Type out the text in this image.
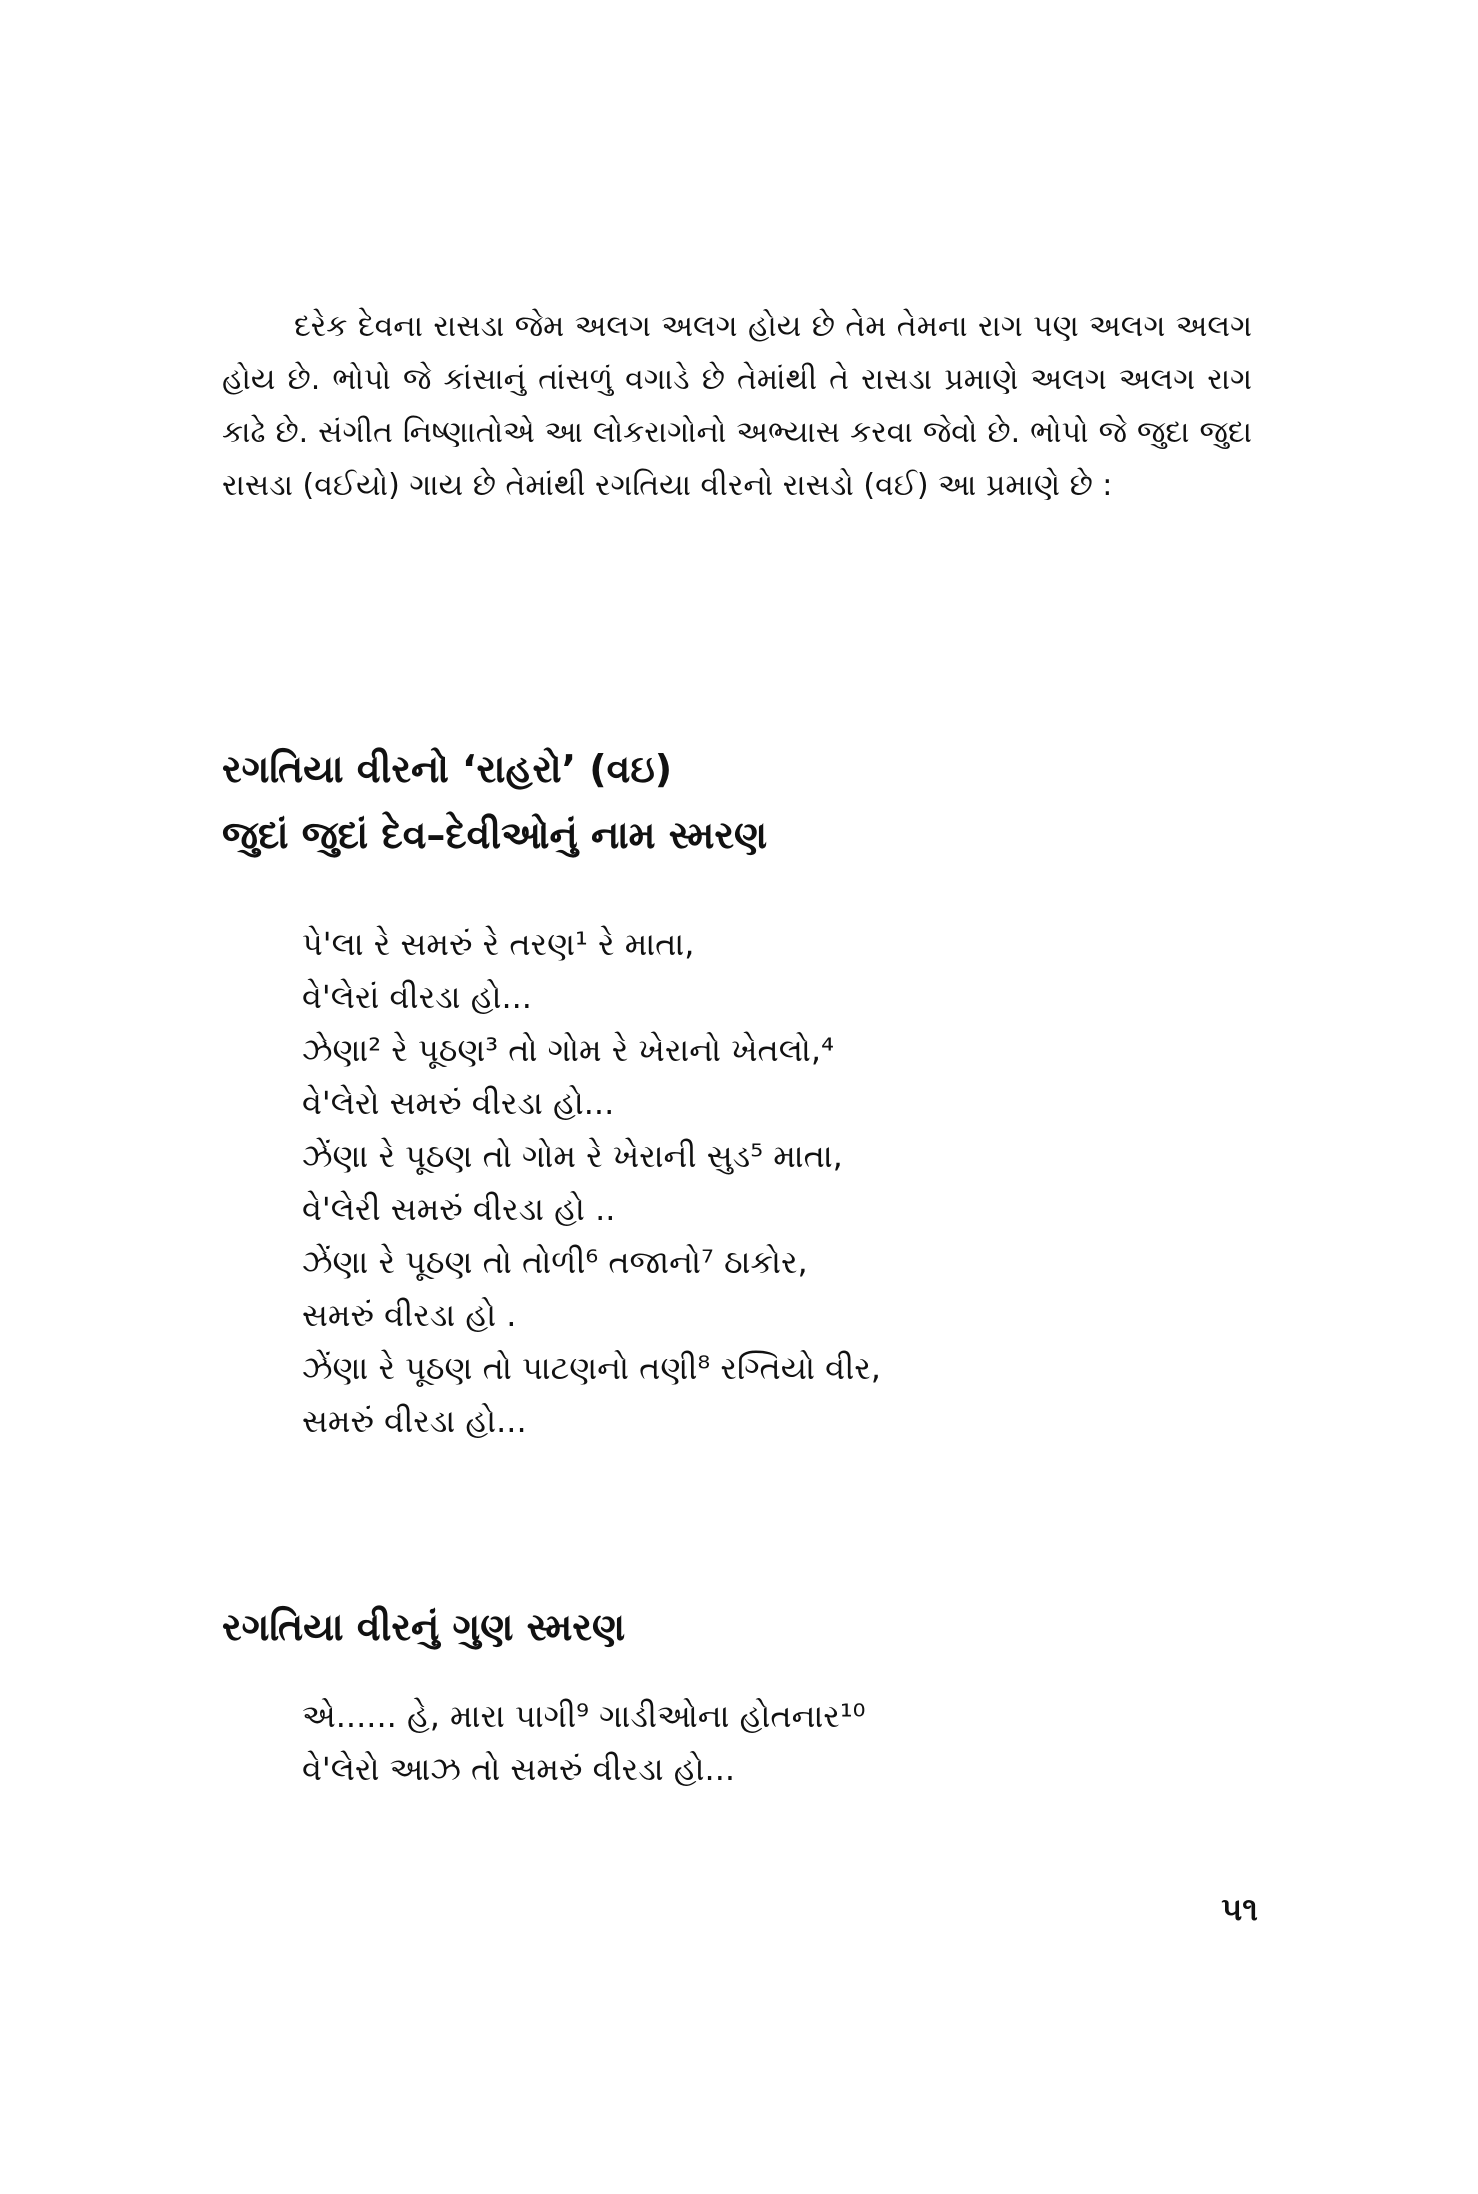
દરેક દેવના રાસડા જેમ અલગ અલગ હોય છે તેમ તેમના રાગ પણ અલગ અલગ હોય છે. ભોપો જે કાંસાનું તાંસળું વગાડે છે તેમાંથી તે રાસડા પ્રમાણે અલગ અલગ રાગ કાઢે છે. સંગીત નિષ્ણાતોએ આ લોકરાગોનો અભ્યાસ કરવા જેવો છે. ભોપો જે જુદા જુદા રાસડા (વઈયો) ગાય છે તેમાંથી રગતિયા વીરનો રાસડો (વઈ) આ પ્રમાણે છે :

રગતિયા વીરનો ‘રાહરો’ (વઇ)
જુદાં જુદાં દેવ–દેવીઓનું નામ સ્મરણ
પે'લા રે સમરું રે તરણ¹ રે માતા,
વે'લેરાં વીરડા હો...
ઝેણા² રે પૂઠણ³ તો ગોમ રે ખેરાનો ખેતલો,⁴
વે'લેરો સમરું વીરડા હો...
ઝેંણા રે પૂઠણ તો ગોમ રે ખેરાની સુડ⁵ માતા,
વે'લેરી સમરું વીરડા હો ..
ઝેંણા રે પૂઠણ તો તોળી⁶ તજાનો⁷ ઠાકોર,
સમરું વીરડા હો .
ઝેંણા રે પૂઠણ તો પાટણનો તણી⁸ રગ્તિયો વીર,
સમરું વીરડા હો...
રગતિયા વીરનું ગુણ સ્મરણ
એ...... હે, મારા પાગી⁹ ગાડીઓના હોતનાર¹⁰
વે'લેરો આઝ તો સમરું વીરડા હો...
૫૧
